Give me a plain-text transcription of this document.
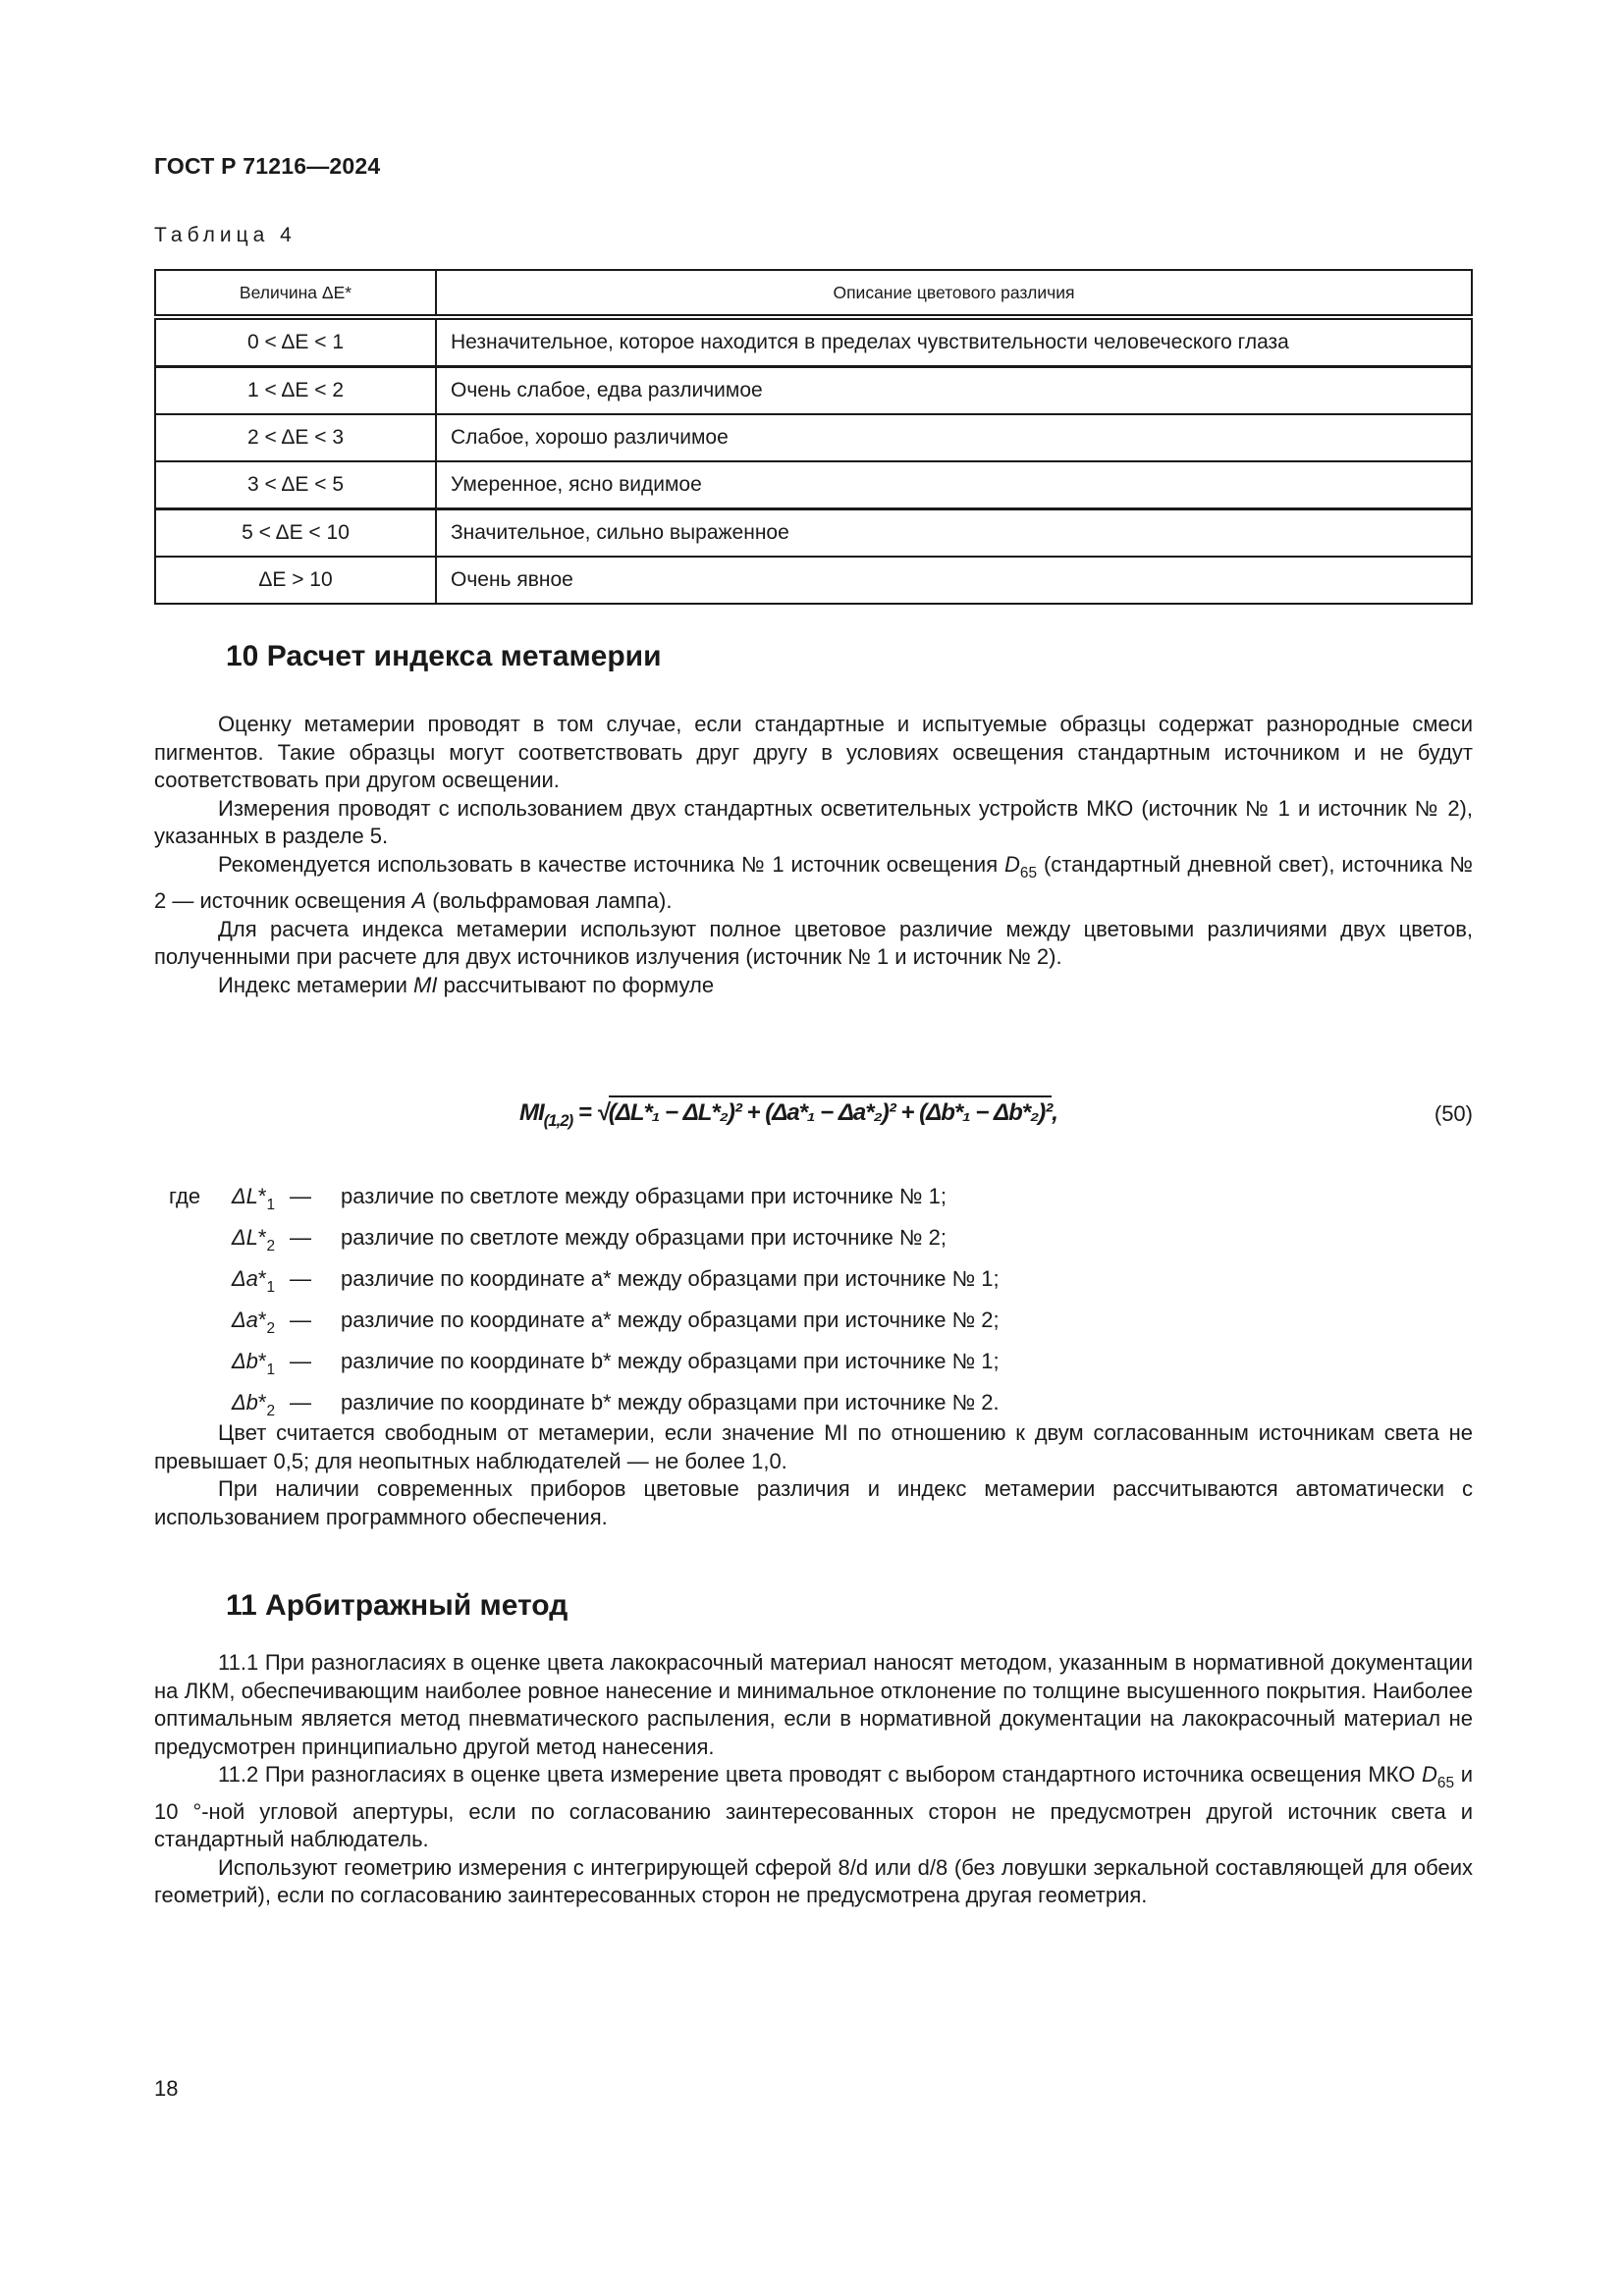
ГОСТ Р 71216—2024
Таблица 4
Величина ΔE*	Описание цветового различия
0 < ΔE < 1	Незначительное, которое находится в пределах чувствительности человеческого глаза
1 < ΔE < 2	Очень слабое, едва различимое
2 < ΔE < 3	Слабое, хорошо различимое
3 < ΔE < 5	Умеренное, ясно видимое
5 < ΔE < 10	Значительное, сильно выраженное
ΔE > 10	Очень явное
10 Расчет индекса метамерии

Оценку метамерии проводят в том случае, если стандартные и испытуемые образцы содержат разнородные смеси пигментов. Такие образцы могут соответствовать друг другу в условиях освещения стандартным источником и не будут соответствовать при другом освещении.

Измерения проводят с использованием двух стандартных осветительных устройств МКО (источник № 1 и источник № 2), указанных в разделе 5.

Рекомендуется использовать в качестве источника № 1 источник освещения $D_{65}$ (стандартный дневной свет), источника № 2 — источник освещения A (вольфрамовая лампа).

Для расчета индекса метамерии используют полное цветовое различие между цветовыми различиями двух цветов, полученными при расчете для двух источников излучения (источник № 1 и источник № 2).

Индекс метамерии MI рассчитывают по формуле

$MI_{(1,2)} = √(\Delta L*_1 - \Delta L*_2)^2 + (\Delta a*_1 - \Delta a*_2)^2 + (\Delta b*_1 - \Delta b*_2)^2$,	(50)
где $\Delta L*_1$ — различие по светлоте между образцами при источнике № 1;
$\Delta L*_2$ — различие по светлоте между образцами при источнике № 2;
$\Delta a*_1$ — различие по координате a* между образцами при источнике № 1;
$\Delta a*_2$ — различие по координате a* между образцами при источнике № 2;
$\Delta b*_1$ — различие по координате b* между образцами при источнике № 1;
$\Delta b*_2$ — различие по координате b* между образцами при источнике № 2.

Цвет считается свободным от метамерии, если значение MI по отношению к двум согласованным источникам света не превышает 0,5; для неопытных наблюдателей — не более 1,0.

При наличии современных приборов цветовые различия и индекс метамерии рассчитываются автоматически с использованием программного обеспечения.

11 Арбитражный метод

11.1 При разногласиях в оценке цвета лакокрасочный материал наносят методом, указанным в нормативной документации на ЛКМ, обеспечивающим наиболее ровное нанесение и минимальное отклонение по толщине высушенного покрытия. Наиболее оптимальным является метод пневматического распыления, если в нормативной документации на лакокрасочный материал не предусмотрен принципиально другой метод нанесения.

11.2 При разногласиях в оценке цвета измерение цвета проводят с выбором стандартного источника освещения МКО $D_{65}$ и 10 °-ной угловой апертуры, если по согласованию заинтересованных сторон не предусмотрен другой источник света и стандартный наблюдатель.

Используют геометрию измерения с интегрирующей сферой 8/d или d/8 (без ловушки зеркальной составляющей для обеих геометрий), если по согласованию заинтересованных сторон не предусмотрена другая геометрия.

18
